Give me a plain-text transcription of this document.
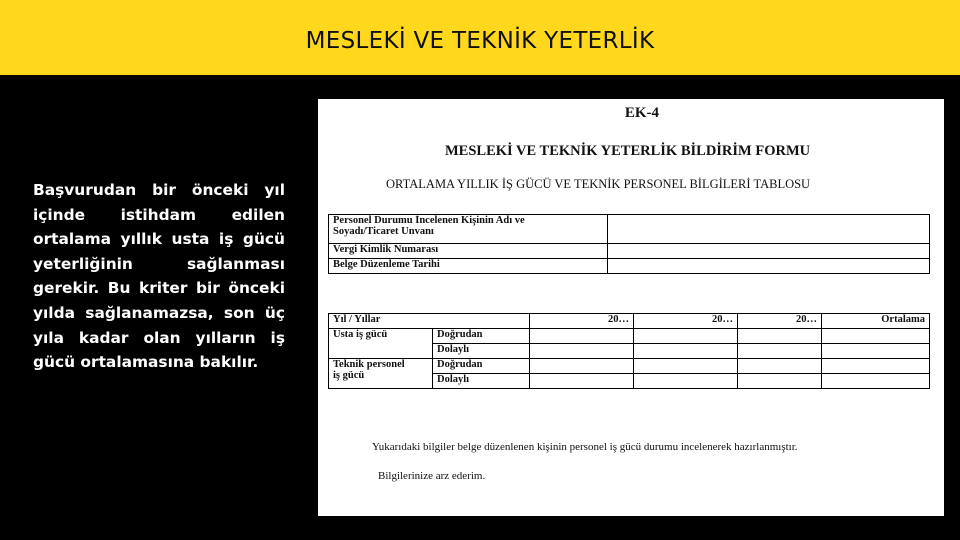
MESLEKİ VE TEKNİK YETERLİK
Başvurudan bir önceki yıl içinde istihdam edilen ortalama yıllık usta iş gücü yeterliğinin sağlanması gerekir. Bu kriter bir önceki yılda sağlanamazsa, son üç yıla kadar olan yılların iş gücü ortalamasına bakılır.
EK-4
MESLEKİ VE TEKNİK YETERLİK BİLDİRİM FORMU
ORTALAMA YILLIK İŞ GÜCÜ VE TEKNİK PERSONEL BİLGİLERİ TABLOSU
Personel Durumu İncelenen Kişinin Adı ve
Soyadı/Ticaret Unvanı	

Vergi Kimlik Numarası	
Belge Düzenleme Tarihi	
Yıl / Yıllar		20…	20…	20…	Ortalama
Usta iş gücü	Doğrudan				
	Dolaylı				

Teknik personel
iş gücü	Doğrudan				
	Dolaylı				
Yukarıdaki bilgiler belge düzenlenen kişinin personel iş gücü durumu incelenerek hazırlanmıştır.
Bilgilerinize arz ederim.
